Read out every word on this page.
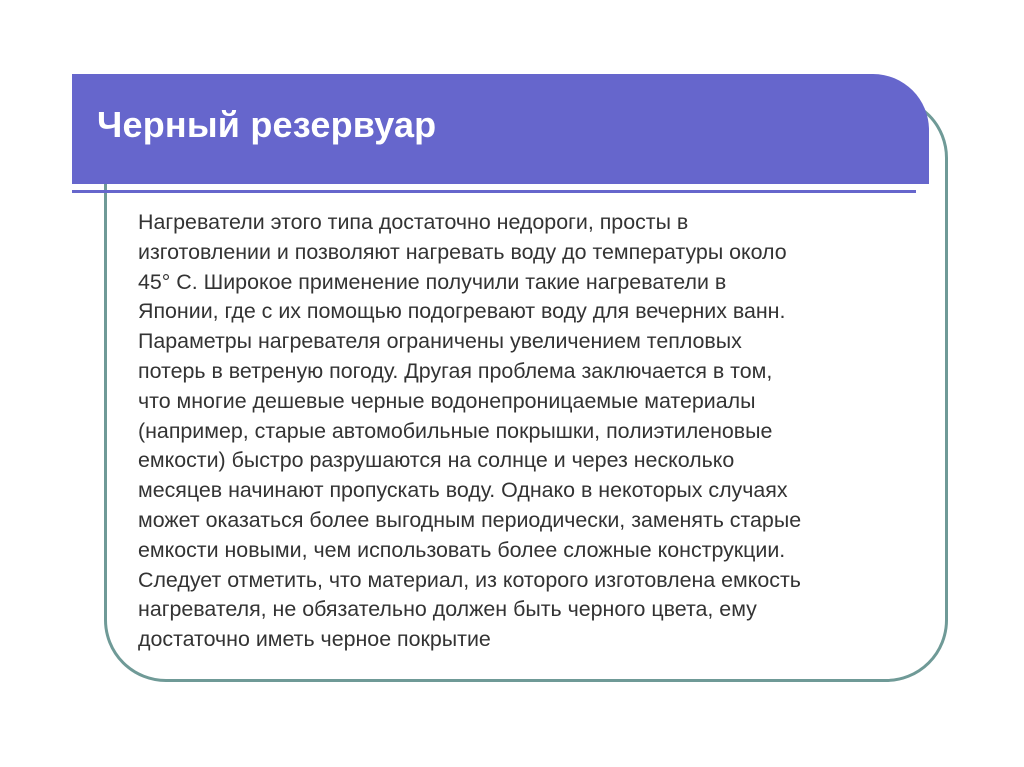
Черный резервуар

Нагреватели этого типа достаточно недороги, просты в
изготовлении и позволяют нагревать воду до температуры около
45° С. Широкое применение получили такие нагреватели в
Японии, где с их помощью подогревают воду для вечерних ванн.
Параметры нагревателя ограничены увеличением тепловых
потерь в ветреную погоду. Другая проблема заключается в том,
что многие дешевые черные водонепроницаемые материалы
(например, старые автомобильные покрышки, полиэтиленовые
емкости) быстро разрушаются на солнце и через несколько
месяцев начинают пропускать воду. Однако в некоторых случаях
может оказаться более выгодным периодически, заменять старые
емкости новыми, чем использовать более сложные конструкции.
Следует отметить, что материал, из которого изготовлена емкость
нагревателя, не обязательно должен быть черного цвета, ему
достаточно иметь черное покрытие
